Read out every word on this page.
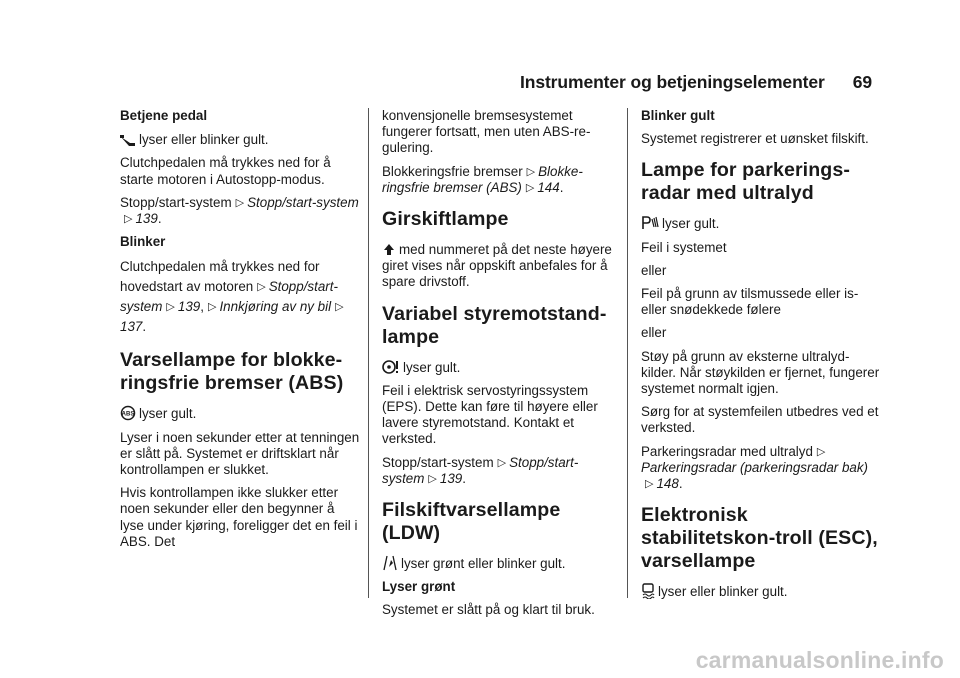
Instrumenter og betjeningselementer 69
Betjene pedal

lyser eller blinker gult.

Clutchpedalen må trykkes ned for å starte motoren i Autostopp-modus.

Stopp/start-system ▷ Stopp/start-system▷ 139.

Blinker

Clutchpedalen må trykkes ned for hovedstart av motoren ▷ Stopp/start-system ▷ 139, ▷ Innkjøring av ny bil ▷137.

Varsellampe for blokke-ringsfrie bremser (ABS)

ABS lyser gult.

Lyser i noen sekunder etter at tenningen er slått på. Systemet er driftsklart når kontrollampen er slukket.

Hvis kontrollampen ikke slukker etter noen sekunder eller den begynner å lyse under kjøring, foreligger det en feil i ABS. Det

konvensjonelle bremsesystemet fungerer fortsatt, men uten ABS-re-gulering.

Blokkeringsfrie bremser ▷ Blokke-ringsfrie bremser (ABS) ▷ 144.

Girskiftlampe

med nummeret på det neste høyere giret vises når oppskift anbefales for å spare drivstoff.

Variabel styremotstand-lampe

lyser gult.

Feil i elektrisk servostyringssystem (EPS). Dette kan føre til høyere eller lavere styremotstand. Kontakt et verksted.

Stopp/start-system ▷ Stopp/start-system ▷ 139.

Filskiftvarsellampe (LDW)

lyser grønt eller blinker gult.

Lyser grønt

Systemet er slått på og klart til bruk.

Blinker gult

Systemet registrerer et uønsket filskift.

Lampe for parkerings-radar med ultralyd

lyser gult.

Feil i systemet

eller

Feil på grunn av tilsmussede eller is- eller snødekkede følere

eller

Støy på grunn av eksterne ultralyd-kilder. Når støykilden er fjernet, fungerer systemet normalt igjen.

Sørg for at systemfeilen utbedres ved et verksted.

Parkeringsradar med ultralyd ▷Parkeringsradar (parkeringsradar bak)▷ 148.

Elektronisk stabilitetskon-troll (ESC), varsellampe

lyser eller blinker gult.

carmanualsonline.info
